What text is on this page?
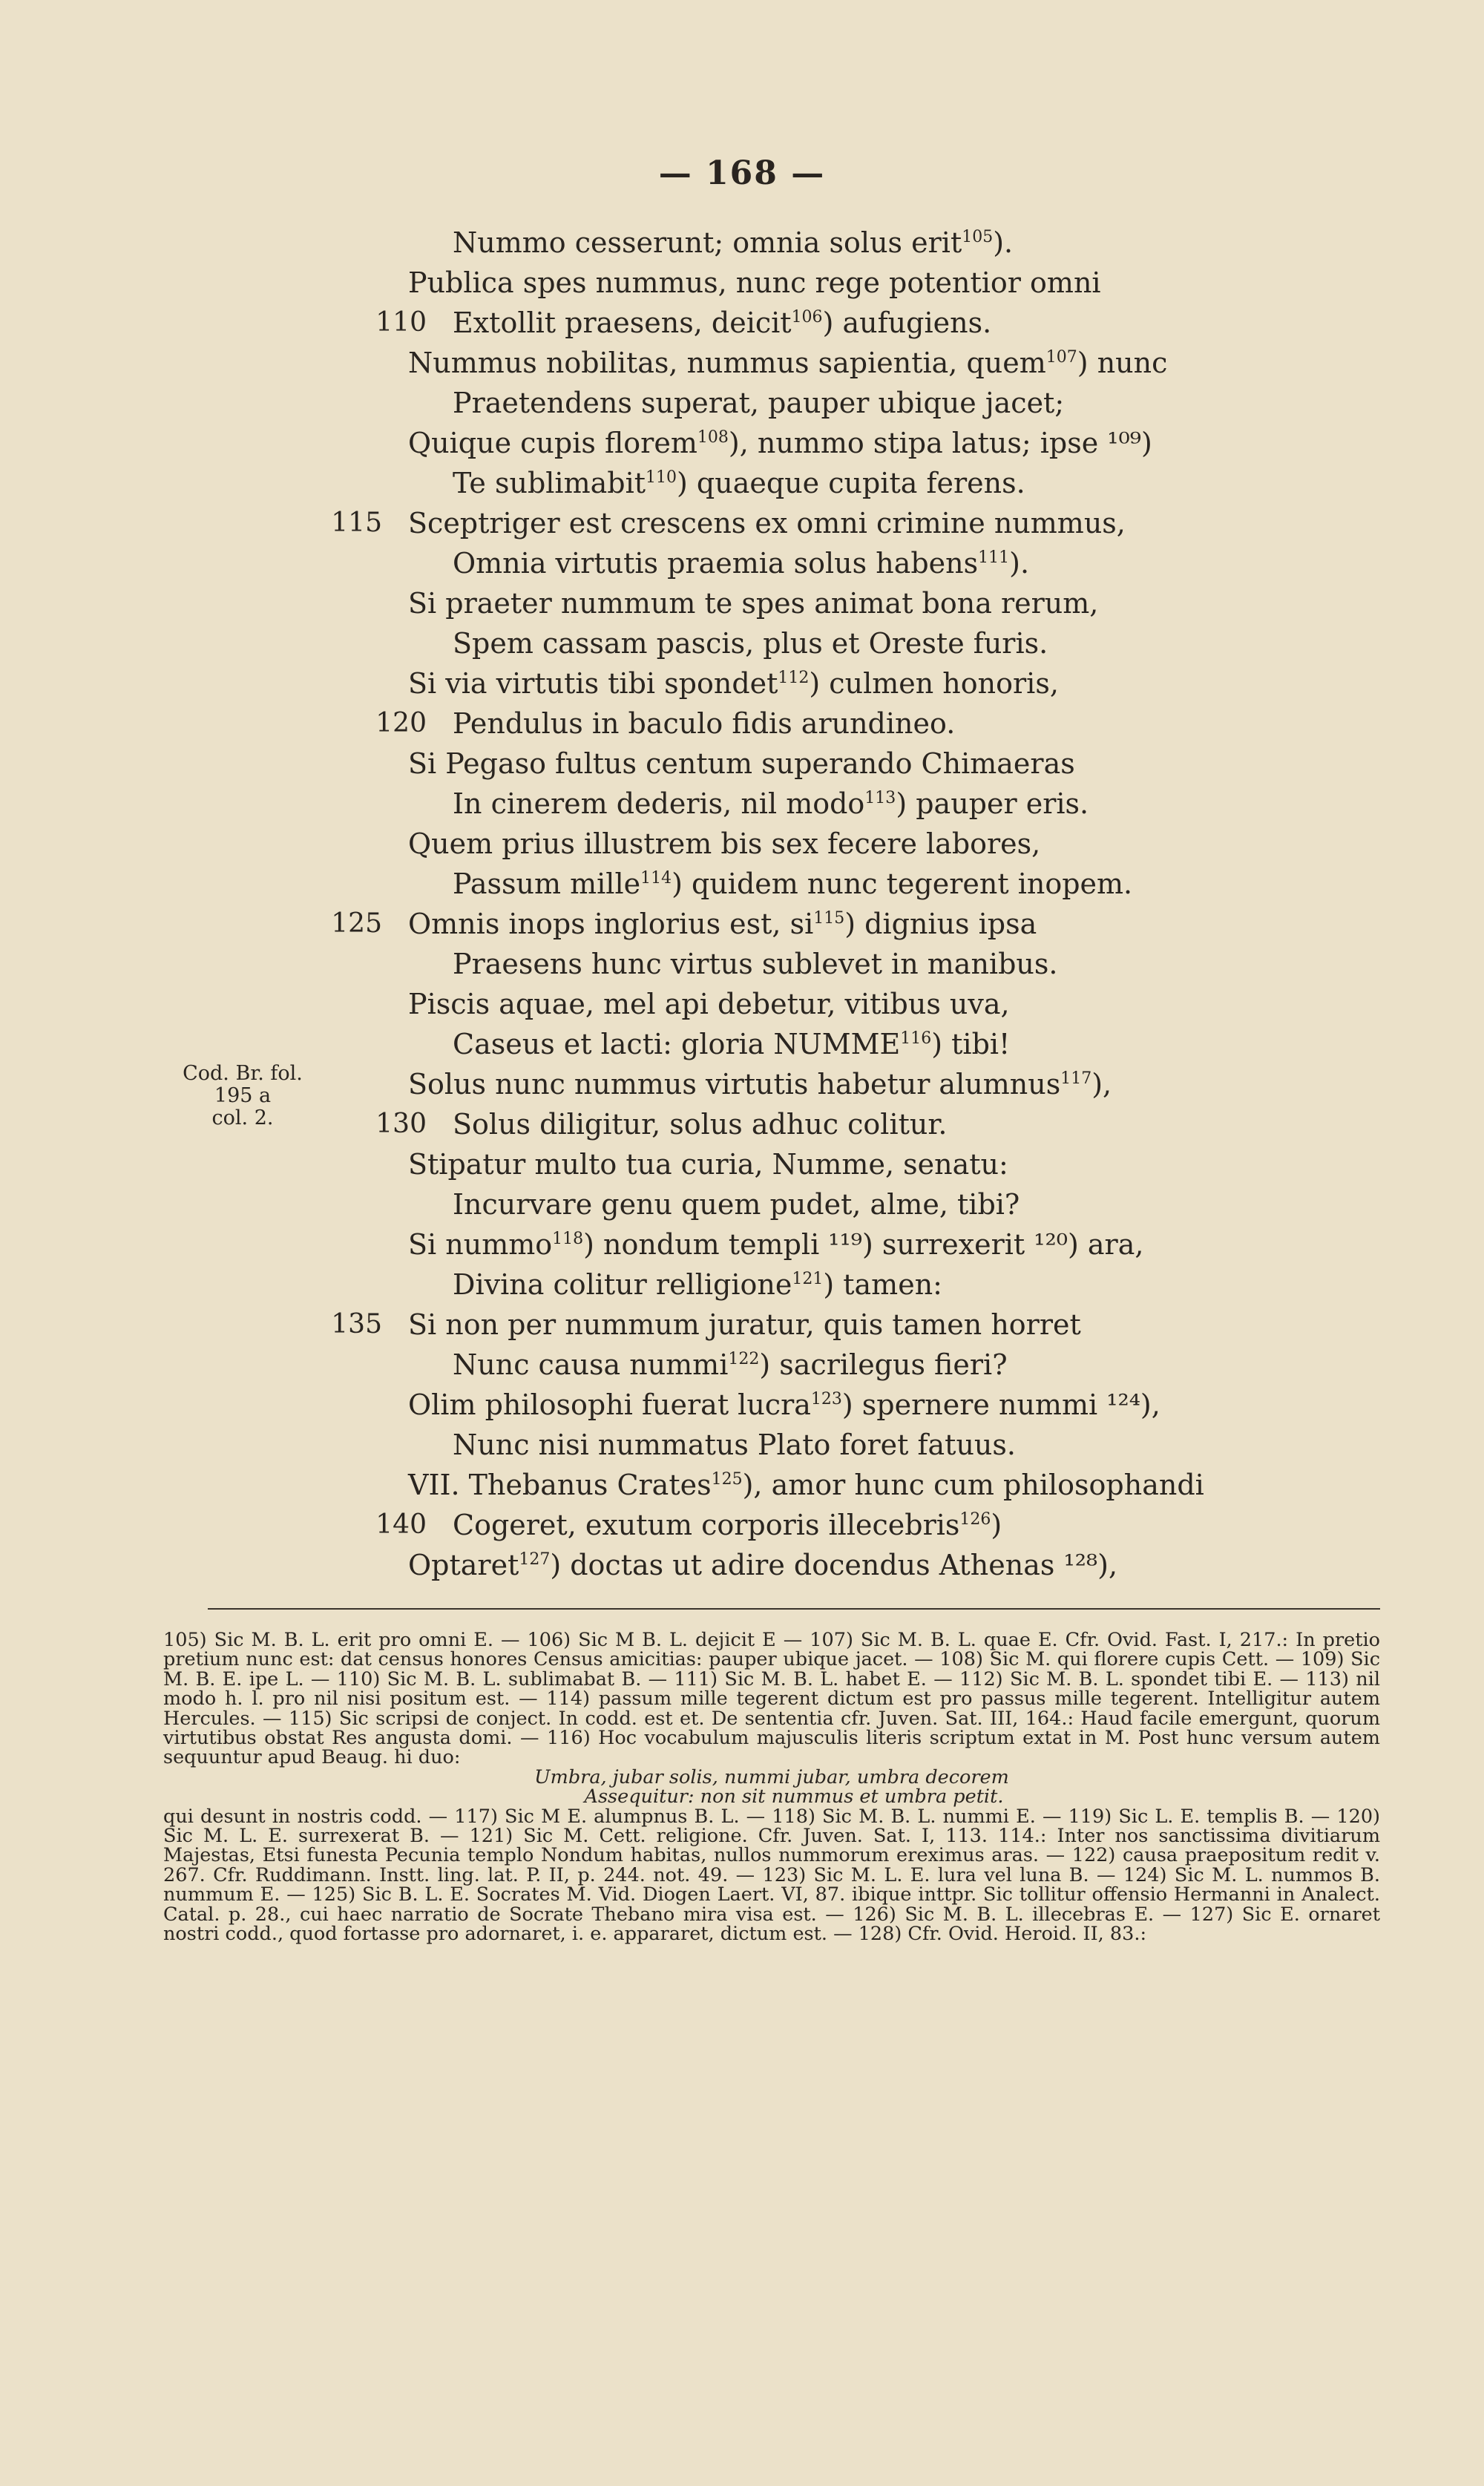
— 168 —
Nummo cesserunt; omnia solus erit$^{105}$).
Publica spes nummus, nunc rege potentior omni
110 Extollit praesens, deicit$^{106}$) aufugiens.
Nummus nobilitas, nummus sapientia, quem$^{107}$) nunc
Praetendens superat, pauper ubique jacet;
Quique cupis florem$^{108}$), nummo stipa latus; ipse ¹⁰⁹)
Te sublimabit$^{110}$) quaeque cupita ferens.
115 Sceptriger est crescens ex omni crimine nummus,
Omnia virtutis praemia solus habens$^{111}$).
Si praeter nummum te spes animat bona rerum,
Spem cassam pascis, plus et Oreste furis.
Si via virtutis tibi spondet$^{112}$) culmen honoris,
120 Pendulus in baculo fidis arundineo.
Si Pegaso fultus centum superando Chimaeras
In cinerem dederis, nil modo$^{113}$) pauper eris.
Quem prius illustrem bis sex fecere labores,
Passum mille$^{114}$) quidem nunc tegerent inopem.
125 Omnis inops inglorius est, $si^{115}$) dignius ipsa
Praesens hunc virtus sublevet in manibus.
Piscis aquae, mel api debetur, vitibus uva,
Caseus et lacti: gloria NUMME$^{116}$) tibi!
Solus nunc nummus virtutis habetur alumnus$^{117}$),
130 Solus diligitur, solus adhuc colitur.
Stipatur multo tua curia, Numme, senatu:
Incurvare genu quem pudet, alme, tibi?
Si nummo$^{118}$) nondum templi ¹¹⁹) surrexerit ¹²⁰) ara,
Divina colitur relligione$^{121}$) tamen:
135 Si non per nummum juratur, quis tamen horret
Nunc causa nummi$^{122}$) sacrilegus fieri?
Olim philosophi fuerat lucra$^{123}$) spernere nummi ¹²⁴),
Nunc nisi nummatus Plato foret fatuus.
VII. Thebanus Crates$^{125}$), amor hunc cum philosophandi
140 Cogeret, exutum corporis illecebris$^{126}$)
Optaret$^{127}$) doctas ut adire docendus Athenas ¹²⁸),
Cod. Br. fol. 195 a
col. 2.
105) Sic M. B. L. erit pro omni E. — 106) Sic M B. L. dejicit E — 107) Sic M. B. L. quae E. Cfr. Ovid. Fast. I, 217.: In pretio pretium nunc est: dat census honores Census amicitias: pauper ubique jacet. — 108) Sic M. qui florere cupis Cett. — 109) Sic M. B. E. ipe L. — 110) Sic M. B. L. sublimabat B. — 111) Sic M. B. L. habet E. — 112) Sic M. B. L. spondet tibi E. — 113) nil modo h. l. pro nil nisi positum est. — 114) passum mille tegerent dictum est pro passus mille tegerent. Intelligitur autem Hercules. — 115) Sic scripsi de conject. In codd. est et. De sententia cfr. Juven. Sat. III, 164.: Haud facile emergunt, quorum virtutibus obstat Res angusta domi. — 116) Hoc vocabulum majusculis literis scriptum extat in M. Post hunc versum autem sequuntur apud Beaug. hi duo:
Umbra, jubar solis, nummi jubar, umbra decorem
Assequitur: non sit nummus et umbra petit.
qui desunt in nostris codd. — 117) Sic M E. alumpnus B. L. — 118) Sic M. B. L. nummi E. — 119) Sic L. E. templis B. — 120) Sic M. L. E. surrexerat B. — 121) Sic M. Cett. religione. Cfr. Juven. Sat. I, 113. 114.: Inter nos sanctissima divitiarum Majestas, Etsi funesta Pecunia templo Nondum habitas, nullos nummorum ereximus aras. — 122) causa praepositum redit v. 267. Cfr. Ruddimann. Instt. ling. lat. P. II, p. 244. not. 49. — 123) Sic M. L. E. lura vel luna B. — 124) Sic M. L. nummos B. nummum E. — 125) Sic B. L. E. Socrates M. Vid. Diogen Laert. VI, 87. ibique inttpr. Sic tollitur offensio Hermanni in Analect. Catal. p. 28., cui haec narratio de Socrate Thebano mira visa est. — 126) Sic M. B. L. illecebras E. — 127) Sic E. ornaret nostri codd., quod fortasse pro adornaret, i. e. appararet, dictum est. — 128) Cfr. Ovid. Heroid. II, 83.:
